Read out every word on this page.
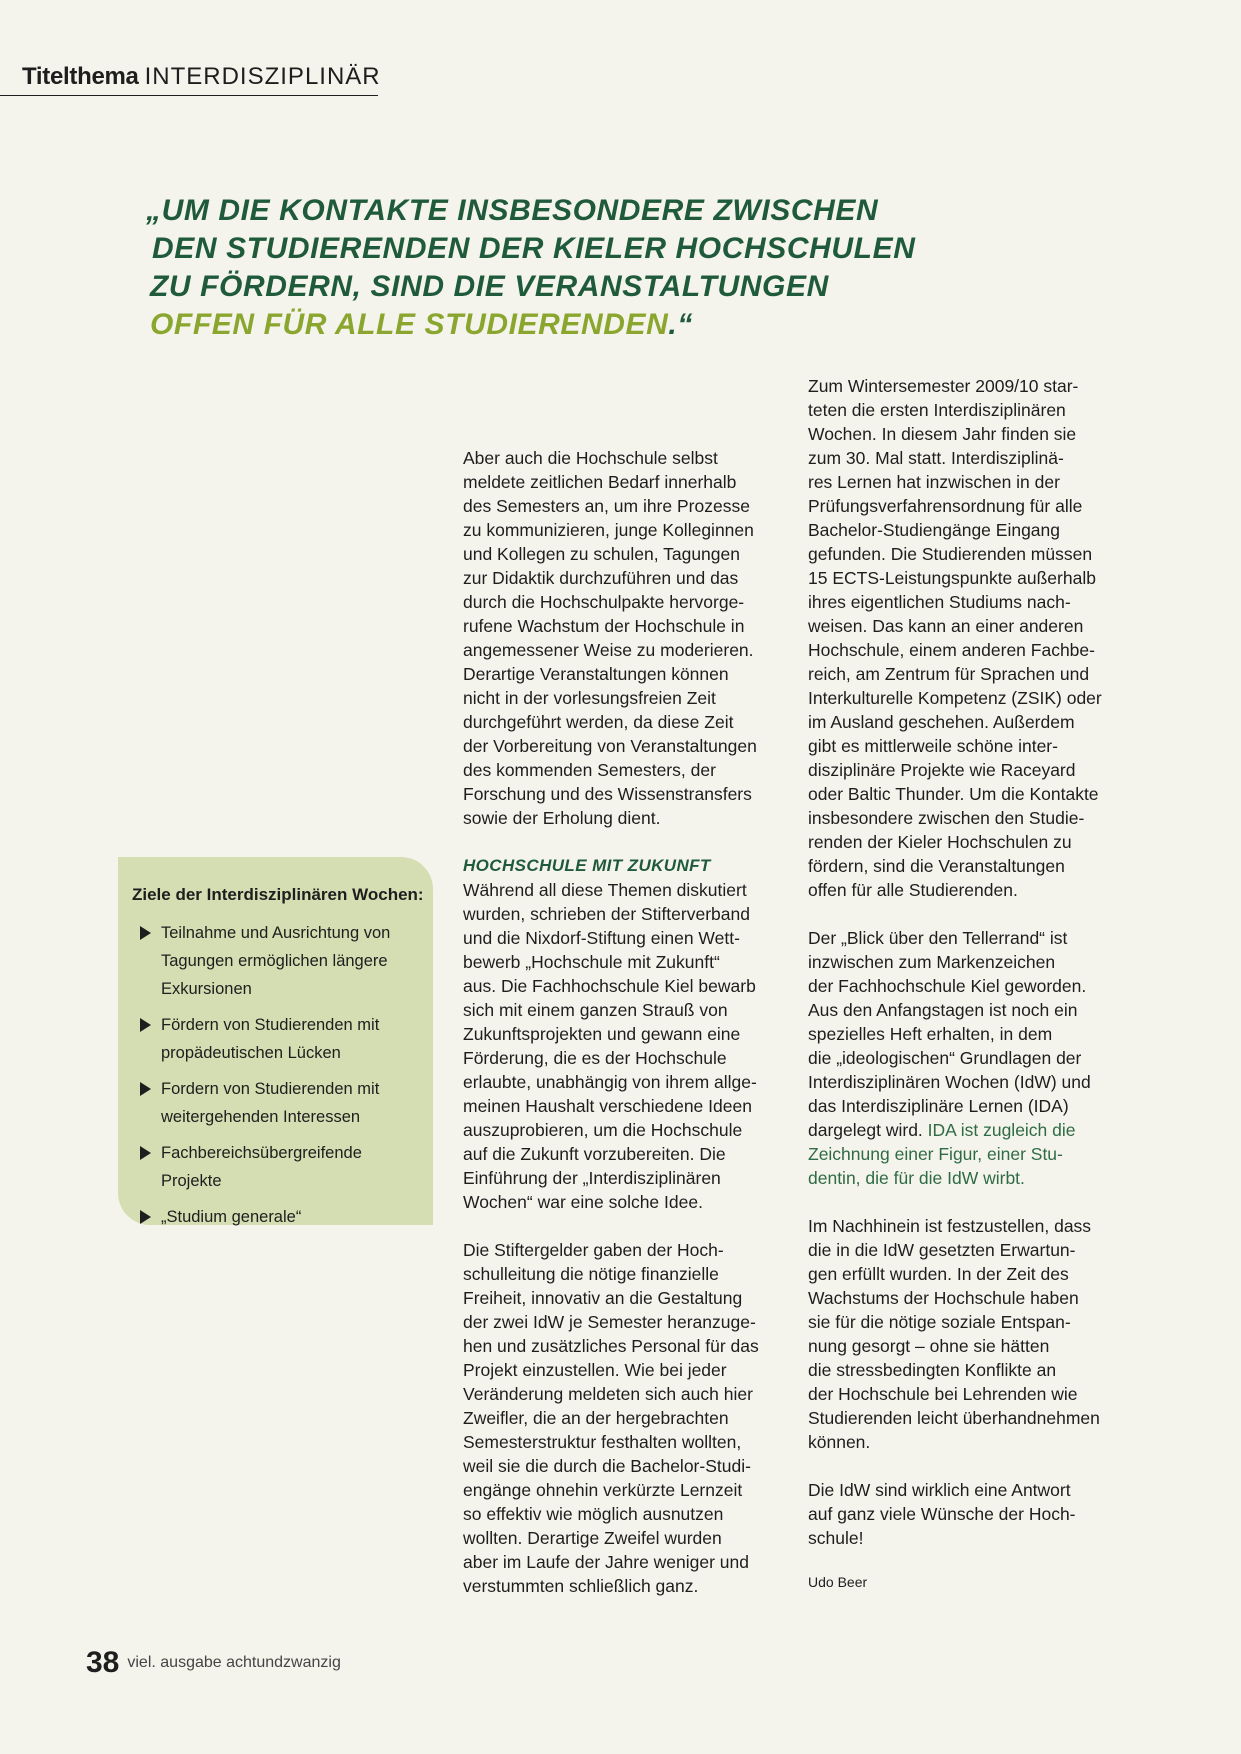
Titelthema INTERDISZIPLINÄR
„UM DIE KONTAKTE INSBESONDERE ZWISCHEN
DEN STUDIERENDEN DER KIELER HOCHSCHULEN
ZU FÖRDERN, SIND DIE VERANSTALTUNGEN
OFFEN FÜR ALLE STUDIERENDEN.“
Ziele der Interdisziplinären Wochen:
Teilnahme und Ausrichtung von
Tagungen ermöglichen längere
Exkursionen
Fördern von Studierenden mit
propädeutischen Lücken
Fordern von Studierenden mit
weitergehenden Interessen
Fachbereichsübergreifende Projekte
„Studium generale“

Aber auch die Hochschule selbst
meldete zeitlichen Bedarf innerhalb
des Semesters an, um ihre Prozesse
zu kommunizieren, junge Kolleginnen
und Kollegen zu schulen, Tagungen
zur Didaktik durchzuführen und das
durch die Hochschulpakte hervorge-
rufene Wachstum der Hochschule in
angemessener Weise zu moderieren.
Derartige Veranstaltungen können
nicht in der vorlesungsfreien Zeit
durchgeführt werden, da diese Zeit
der Vorbereitung von Veranstaltungen
des kommenden Semesters, der
Forschung und des Wissenstransfers
sowie der Erholung dient.

HOCHSCHULE MIT ZUKUNFT

Während all diese Themen diskutiert
wurden, schrieben der Stifterverband
und die Nixdorf-Stiftung einen Wett-
bewerb „Hochschule mit Zukunft“
aus. Die Fachhochschule Kiel bewarb
sich mit einem ganzen Strauß von
Zukunftsprojekten und gewann eine
Förderung, die es der Hochschule
erlaubte, unabhängig von ihrem allge-
meinen Haushalt verschiedene Ideen
auszuprobieren, um die Hochschule
auf die Zukunft vorzubereiten. Die
Einführung der „Interdisziplinären
Wochen“ war eine solche Idee.

Die Stiftergelder gaben der Hoch-
schulleitung die nötige finanzielle
Freiheit, innovativ an die Gestaltung
der zwei IdW je Semester heranzuge-
hen und zusätzliches Personal für das
Projekt einzustellen. Wie bei jeder
Veränderung meldeten sich auch hier
Zweifler, die an der hergebrachten
Semesterstruktur festhalten wollten,
weil sie die durch die Bachelor-Studi-
engänge ohnehin verkürzte Lernzeit
so effektiv wie möglich ausnutzen
wollten. Derartige Zweifel wurden
aber im Laufe der Jahre weniger und
verstummten schließlich ganz.

Zum Wintersemester 2009/10 star-
teten die ersten Interdisziplinären
Wochen. In diesem Jahr finden sie
zum 30. Mal statt. Interdisziplinä-
res Lernen hat inzwischen in der
Prüfungsverfahrensordnung für alle
Bachelor-Studiengänge Eingang
gefunden. Die Studierenden müssen
15 ECTS-Leistungspunkte außerhalb
ihres eigentlichen Studiums nach-
weisen. Das kann an einer anderen
Hochschule, einem anderen Fachbe-
reich, am Zentrum für Sprachen und
Interkulturelle Kompetenz (ZSIK) oder
im Ausland geschehen. Außerdem
gibt es mittlerweile schöne inter-
disziplinäre Projekte wie Raceyard
oder Baltic Thunder. Um die Kontakte
insbesondere zwischen den Studie-
renden der Kieler Hochschulen zu
fördern, sind die Veranstaltungen
offen für alle Studierenden.

Der „Blick über den Tellerrand“ ist
inzwischen zum Markenzeichen
der Fachhochschule Kiel geworden.
Aus den Anfangstagen ist noch ein
spezielles Heft erhalten, in dem
die „ideologischen“ Grundlagen der
Interdisziplinären Wochen (IdW) und
das Interdisziplinäre Lernen (IDA)
dargelegt wird. IDA ist zugleich die
Zeichnung einer Figur, einer Stu-
dentin, die für die IdW wirbt.

Im Nachhinein ist festzustellen, dass
die in die IdW gesetzten Erwartun-
gen erfüllt wurden. In der Zeit des
Wachstums der Hochschule haben
sie für die nötige soziale Entspan-
nung gesorgt – ohne sie hätten
die stressbedingten Konflikte an
der Hochschule bei Lehrenden wie
Studierenden leicht überhandnehmen
können.

Die IdW sind wirklich eine Antwort
auf ganz viele Wünsche der Hoch-
schule!

Udo Beer
38 viel. ausgabe achtundzwanzig
